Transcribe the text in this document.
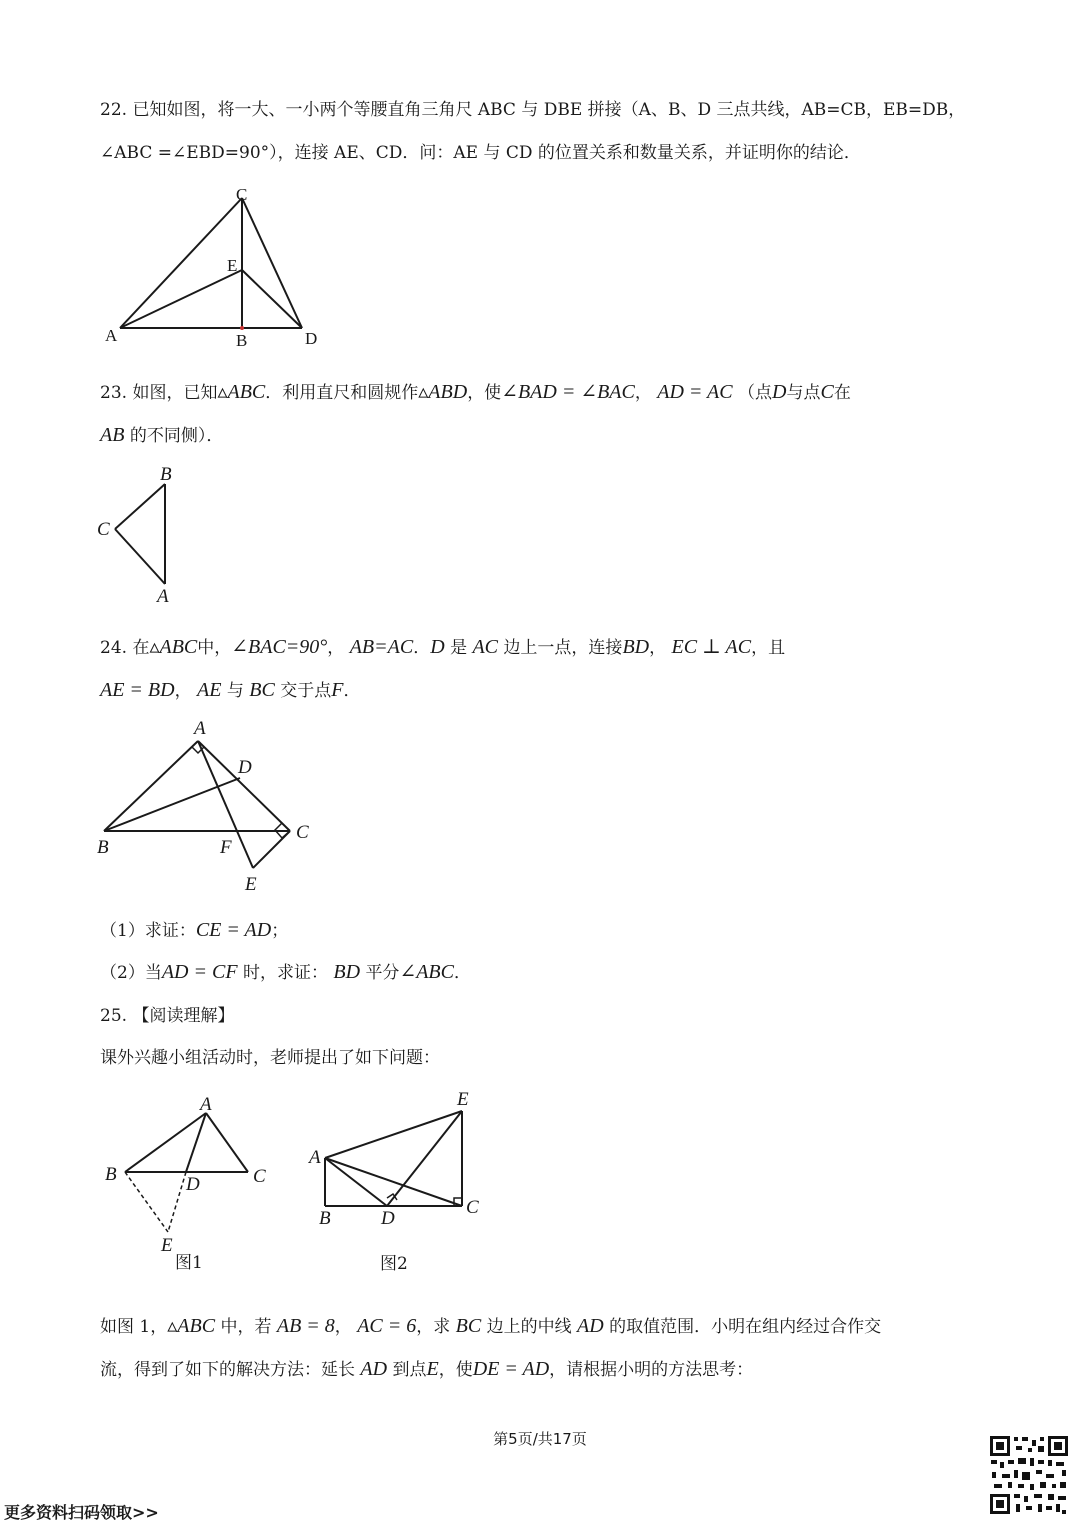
22. 已知如图，将一大、一小两个等腰直角三角尺 ABC 与 DBE 拼接（A、B、D 三点共线，AB=CB，EB=DB，
∠ABC =∠EBD=90°），连接 AE、CD．问：AE 与 CD 的位置关系和数量关系，并证明你的结论．
C
E
A	B	D
23. 如图，已知▵ABC．利用直尺和圆规作▵ABD，使∠BAD = ∠BAC， AD = AC （点D与点C在
AB 的不同侧）．
B
C
A
24. 在▵ABC中，∠BAC=90°， AB=AC．D 是 AC 边上一点，连接BD， EC ⊥ AC，且
AE = BD， AE 与 BC 交于点F．
A
D
B	F
C
E
（1）求证：CE = AD；
（2）当AD = CF 时，求证： BD 平分∠ABC．
25. 【阅读理解】
课外兴趣小组活动时，老师提出了如下问题：
A
B	D	C
E
图1
E
A
B	D
C
图2
如图 1，▵ABC 中，若 AB = 8， AC = 6，求 BC 边上的中线 AD 的取值范围．小明在组内经过合作交
流，得到了如下的解决方法：延长 AD 到点E，使DE = AD，请根据小明的方法思考：
第5页/共17页
更多资料扫码领取>>
